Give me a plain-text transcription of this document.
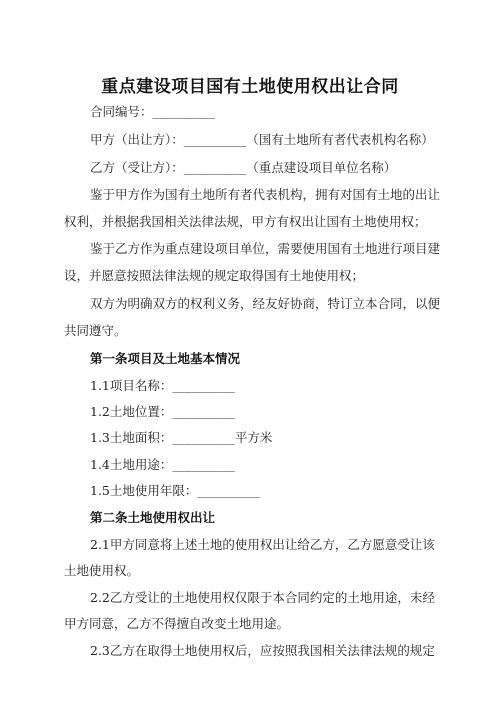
重点建设项目国有土地使用权出让合同
合同编号：__________
甲方（出让方）：__________（国有土地所有者代表机构名称）
乙方（受让方）：__________（重点建设项目单位名称）
鉴于甲方作为国有土地所有者代表机构，拥有对国有土地的出让
权利，并根据我国相关法律法规，甲方有权出让国有土地使用权；
鉴于乙方作为重点建设项目单位，需要使用国有土地进行项目建
设，并愿意按照法律法规的规定取得国有土地使用权；
双方为明确双方的权利义务，经友好协商，特订立本合同，以便
共同遵守。
第一条项目及土地基本情况
1.1项目名称：__________
1.2土地位置：__________
1.3土地面积：__________平方米
1.4土地用途：__________
1.5土地使用年限：__________
第二条土地使用权出让
2.1甲方同意将上述土地的使用权出让给乙方，乙方愿意受让该
土地使用权。
2.2乙方受让的土地使用权仅限于本合同约定的土地用途，未经
甲方同意，乙方不得擅自改变土地用途。
2.3乙方在取得土地使用权后，应按照我国相关法律法规的规定
